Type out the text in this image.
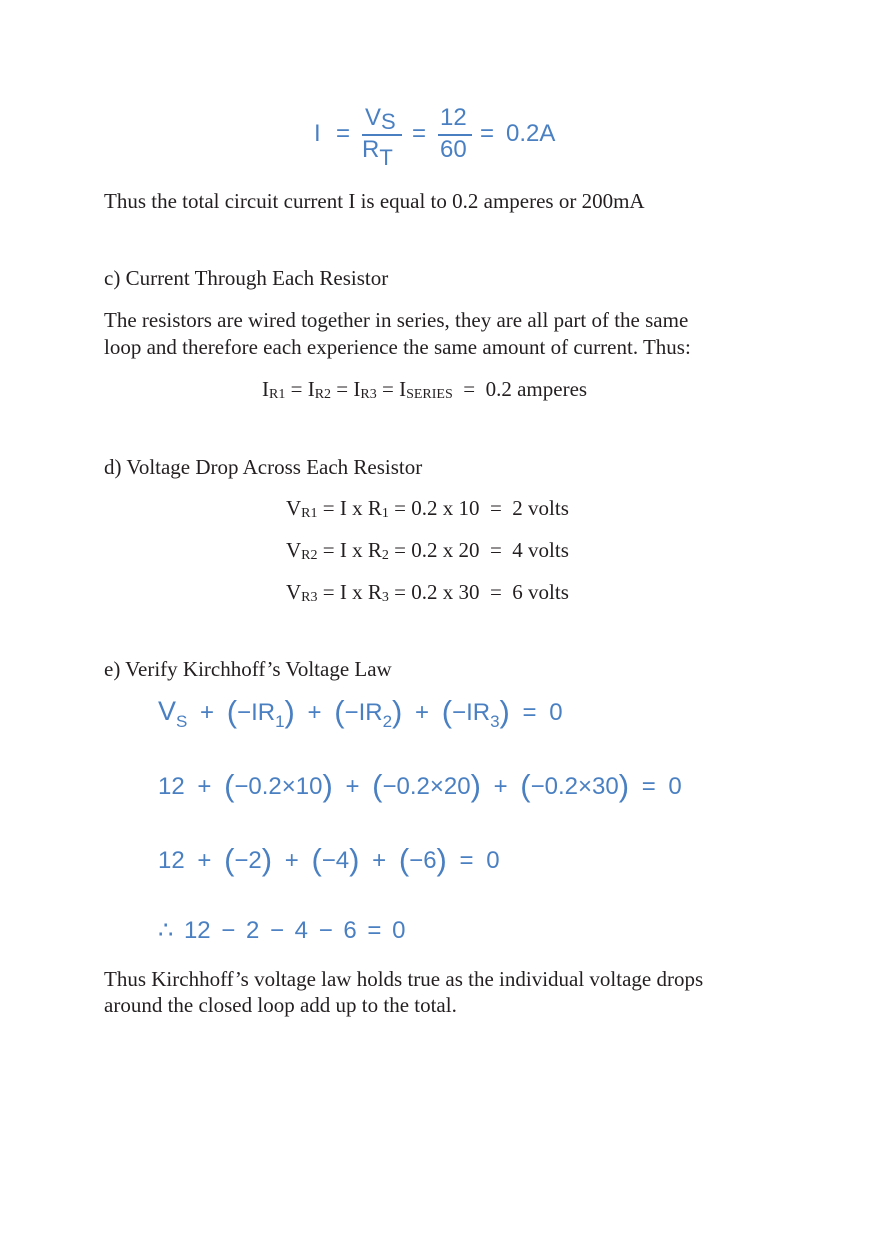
I =
VS
RT
=
12
60
= 0.2A
Thus the total circuit current I is equal to 0.2 amperes or 200mA
c) Current Through Each Resistor
The resistors are wired together in series, they are all part of the same
loop and therefore each experience the same amount of current. Thus:
$I_{R1} = I_{R2} = I_{R3} = I_{SERIES} = 0.2$ amperes
d) Voltage Drop Across Each Resistor
$V_{R1} = I$ x $R_1 = 0.2$ x 10 = 2 volts
$V_{R2} = I$ x $R_2 = 0.2$ x 20 = 4 volts
$V_{R3} = I$ x $R_3 = 0.2$ x 30 = 6 volts
e) Verify Kirchhoff’s Voltage Law
$V_S + (-IR_1) + (-IR_2) + (-IR_3) = 0$
12 + (−0.2×10) + (−0.2×20) + (−0.2×30) = 0
12 + (−2) + (−4) + (−6) = 0
∴ 12 − 2 − 4 − 6 = 0
Thus Kirchhoff’s voltage law holds true as the individual voltage drops
around the closed loop add up to the total.
